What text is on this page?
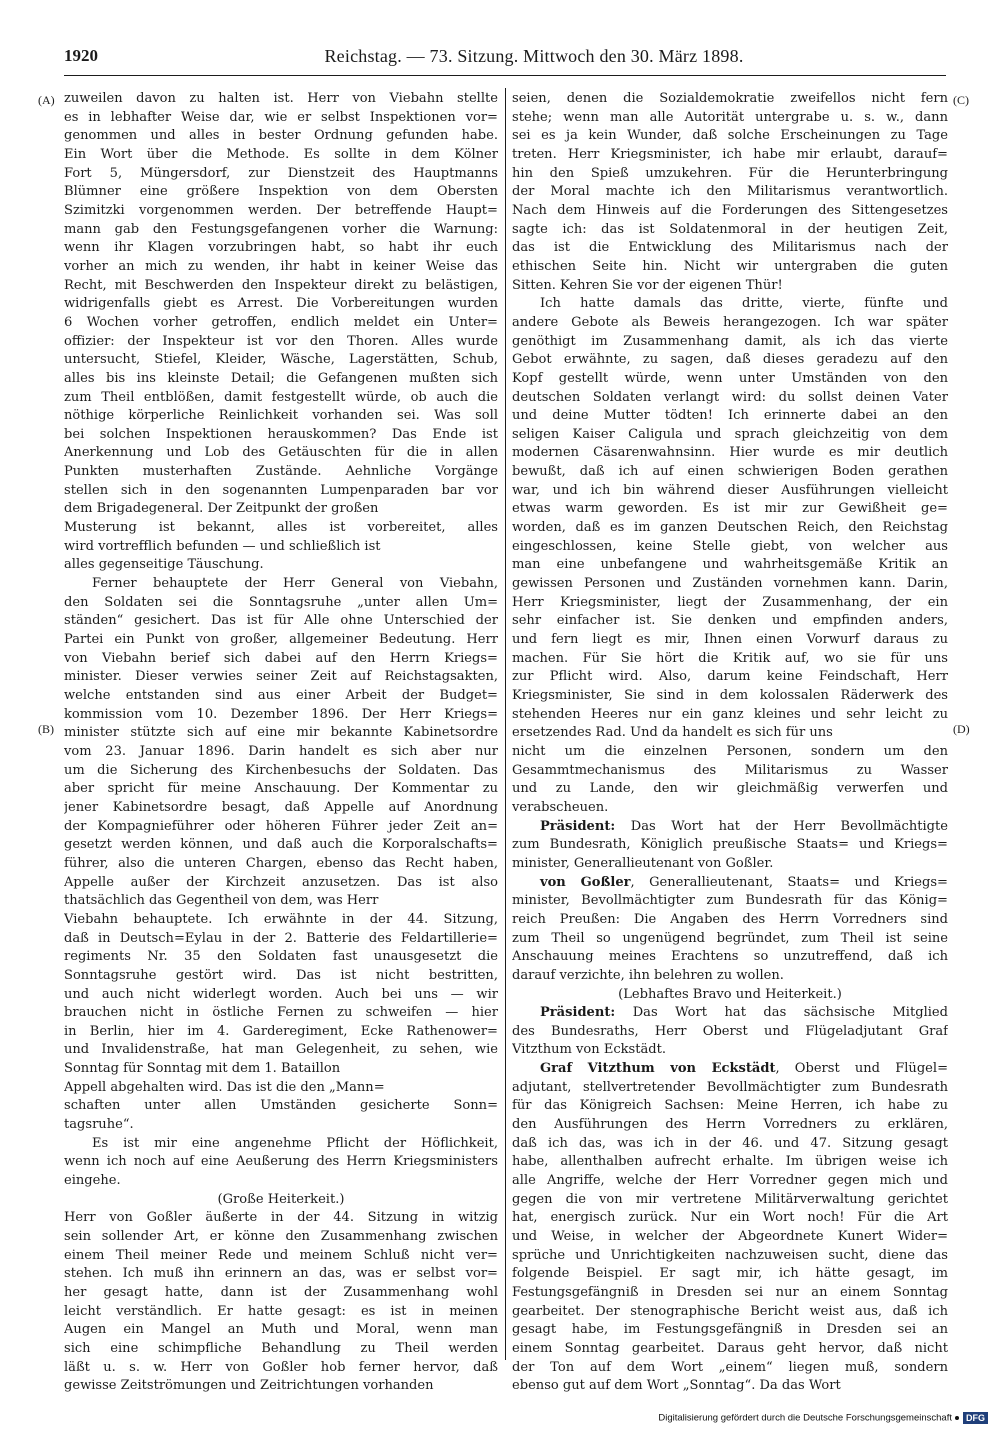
1920	Reichstag. — 73. Sitzung. Mittwoch den 30. März 1898.
(A)
(B)
(C)
(D)
zuweilen davon zu halten ist. Herr von Viebahn stellte
es in lebhafter Weise dar, wie er selbst Inspektionen vor=
genommen und alles in bester Ordnung gefunden habe.
Ein Wort über die Methode. Es sollte in dem Kölner
Fort 5, Müngersdorf, zur Dienstzeit des Hauptmanns
Blümner eine größere Inspektion von dem Obersten
Szimitzki vorgenommen werden. Der betreffende Haupt=
mann gab den Festungsgefangenen vorher die Warnung:
wenn ihr Klagen vorzubringen habt, so habt ihr euch
vorher an mich zu wenden, ihr habt in keiner Weise das
Recht, mit Beschwerden den Inspekteur direkt zu belästigen,
widrigenfalls giebt es Arrest. Die Vorbereitungen wurden
6 Wochen vorher getroffen, endlich meldet ein Unter=
offizier: der Inspekteur ist vor den Thoren. Alles wurde
untersucht, Stiefel, Kleider, Wäsche, Lagerstätten, Schub,
alles bis ins kleinste Detail; die Gefangenen mußten sich
zum Theil entblößen, damit festgestellt würde, ob auch die
nöthige körperliche Reinlichkeit vorhanden sei. Was soll
bei solchen Inspektionen herauskommen? Das Ende ist
Anerkennung und Lob des Getäuschten für die in allen
Punkten musterhaften Zustände. Aehnliche Vorgänge
stellen sich in den sogenannten Lumpenparaden bar vor
dem Brigadegeneral. Der Zeitpunkt der großen
Musterung ist bekannt, alles ist vorbereitet, alles
wird vortrefflich befunden — und schließlich ist
alles gegenseitige Täuschung.
Ferner behauptete der Herr General von Viebahn,
den Soldaten sei die Sonntagsruhe „unter allen Um=
ständen“ gesichert. Das ist für Alle ohne Unterschied der
Partei ein Punkt von großer, allgemeiner Bedeutung. Herr
von Viebahn berief sich dabei auf den Herrn Kriegs=
minister. Dieser verwies seiner Zeit auf Reichstagsakten,
welche entstanden sind aus einer Arbeit der Budget=
kommission vom 10. Dezember 1896. Der Herr Kriegs=
minister stützte sich auf eine mir bekannte Kabinetsordre
vom 23. Januar 1896. Darin handelt es sich aber nur
um die Sicherung des Kirchenbesuchs der Soldaten. Das
aber spricht für meine Anschauung. Der Kommentar zu
jener Kabinetsordre besagt, daß Appelle auf Anordnung
der Kompagnieführer oder höheren Führer jeder Zeit an=
gesetzt werden können, und daß auch die Korporalschafts=
führer, also die unteren Chargen, ebenso das Recht haben,
Appelle außer der Kirchzeit anzusetzen. Das ist also
thatsächlich das Gegentheil von dem, was Herr
Viebahn behauptete. Ich erwähnte in der 44. Sitzung,
daß in Deutsch=Eylau in der 2. Batterie des Feldartillerie=
regiments Nr. 35 den Soldaten fast unausgesetzt die
Sonntagsruhe gestört wird. Das ist nicht bestritten,
und auch nicht widerlegt worden. Auch bei uns — wir
brauchen nicht in östliche Fernen zu schweifen — hier
in Berlin, hier im 4. Garderegiment, Ecke Rathenower=
und Invalidenstraße, hat man Gelegenheit, zu sehen, wie
Sonntag für Sonntag mit dem 1. Bataillon
Appell abgehalten wird. Das ist die den „Mann=
schaften unter allen Umständen gesicherte Sonn=
tagsruhe“.
Es ist mir eine angenehme Pflicht der Höflichkeit,
wenn ich noch auf eine Aeußerung des Herrn Kriegsministers
eingehe.
(Große Heiterkeit.)
Herr von Goßler äußerte in der 44. Sitzung in witzig
sein sollender Art, er könne den Zusammenhang zwischen
einem Theil meiner Rede und meinem Schluß nicht ver=
stehen. Ich muß ihn erinnern an das, was er selbst vor=
her gesagt hatte, dann ist der Zusammenhang wohl
leicht verständlich. Er hatte gesagt: es ist in meinen
Augen ein Mangel an Muth und Moral, wenn man
sich eine schimpfliche Behandlung zu Theil werden
läßt u. s. w. Herr von Goßler hob ferner hervor, daß
gewisse Zeitströmungen und Zeitrichtungen vorhanden
seien, denen die Sozialdemokratie zweifellos nicht fern
stehe; wenn man alle Autorität untergrabe u. s. w., dann
sei es ja kein Wunder, daß solche Erscheinungen zu Tage
treten. Herr Kriegsminister, ich habe mir erlaubt, darauf=
hin den Spieß umzukehren. Für die Herunterbringung
der Moral machte ich den Militarismus verantwortlich.
Nach dem Hinweis auf die Forderungen des Sittengesetzes
sagte ich: das ist Soldatenmoral in der heutigen Zeit,
das ist die Entwicklung des Militarismus nach der
ethischen Seite hin. Nicht wir untergraben die guten
Sitten. Kehren Sie vor der eigenen Thür!
Ich hatte damals das dritte, vierte, fünfte und
andere Gebote als Beweis herangezogen. Ich war später
genöthigt im Zusammenhang damit, als ich das vierte
Gebot erwähnte, zu sagen, daß dieses geradezu auf den
Kopf gestellt würde, wenn unter Umständen von den
deutschen Soldaten verlangt wird: du sollst deinen Vater
und deine Mutter tödten! Ich erinnerte dabei an den
seligen Kaiser Caligula und sprach gleichzeitig von dem
modernen Cäsarenwahnsinn. Hier wurde es mir deutlich
bewußt, daß ich auf einen schwierigen Boden gerathen
war, und ich bin während dieser Ausführungen vielleicht
etwas warm geworden. Es ist mir zur Gewißheit ge=
worden, daß es im ganzen Deutschen Reich, den Reichstag
eingeschlossen, keine Stelle giebt, von welcher aus
man eine unbefangene und wahrheitsgemäße Kritik an
gewissen Personen und Zuständen vornehmen kann. Darin,
Herr Kriegsminister, liegt der Zusammenhang, der ein
sehr einfacher ist. Sie denken und empfinden anders,
und fern liegt es mir, Ihnen einen Vorwurf daraus zu
machen. Für Sie hört die Kritik auf, wo sie für uns
zur Pflicht wird. Also, darum keine Feindschaft, Herr
Kriegsminister, Sie sind in dem kolossalen Räderwerk des
stehenden Heeres nur ein ganz kleines und sehr leicht zu
ersetzendes Rad. Und da handelt es sich für uns
nicht um die einzelnen Personen, sondern um den
Gesammtmechanismus des Militarismus zu Wasser
und zu Lande, den wir gleichmäßig verwerfen und
verabscheuen.
Präsident: Das Wort hat der Herr Bevollmächtigte
zum Bundesrath, Königlich preußische Staats= und Kriegs=
minister, Generallieutenant von Goßler.
von Goßler, Generallieutenant, Staats= und Kriegs=
minister, Bevollmächtigter zum Bundesrath für das König=
reich Preußen: Die Angaben des Herrn Vorredners sind
zum Theil so ungenügend begründet, zum Theil ist seine
Anschauung meines Erachtens so unzutreffend, daß ich
darauf verzichte, ihn belehren zu wollen.
(Lebhaftes Bravo und Heiterkeit.)
Präsident: Das Wort hat das sächsische Mitglied
des Bundesraths, Herr Oberst und Flügeladjutant Graf
Vitzthum von Eckstädt.
Graf Vitzthum von Eckstädt, Oberst und Flügel=
adjutant, stellvertretender Bevollmächtigter zum Bundesrath
für das Königreich Sachsen: Meine Herren, ich habe zu
den Ausführungen des Herrn Vorredners zu erklären,
daß ich das, was ich in der 46. und 47. Sitzung gesagt
habe, allenthalben aufrecht erhalte. Im übrigen weise ich
alle Angriffe, welche der Herr Vorredner gegen mich und
gegen die von mir vertretene Militärverwaltung gerichtet
hat, energisch zurück. Nur ein Wort noch! Für die Art
und Weise, in welcher der Abgeordnete Kunert Wider=
sprüche und Unrichtigkeiten nachzuweisen sucht, diene das
folgende Beispiel. Er sagt mir, ich hätte gesagt, im
Festungsgefängniß in Dresden sei nur an einem Sonntag
gearbeitet. Der stenographische Bericht weist aus, daß ich
gesagt habe, im Festungsgefängniß in Dresden sei an
einem Sonntag gearbeitet. Daraus geht hervor, daß nicht
der Ton auf dem Wort „einem“ liegen muß, sondern
ebenso gut auf dem Wort „Sonntag“. Da das Wort
Digitalisierung gefördert durch die Deutsche Forschungsgemeinschaft DFG
